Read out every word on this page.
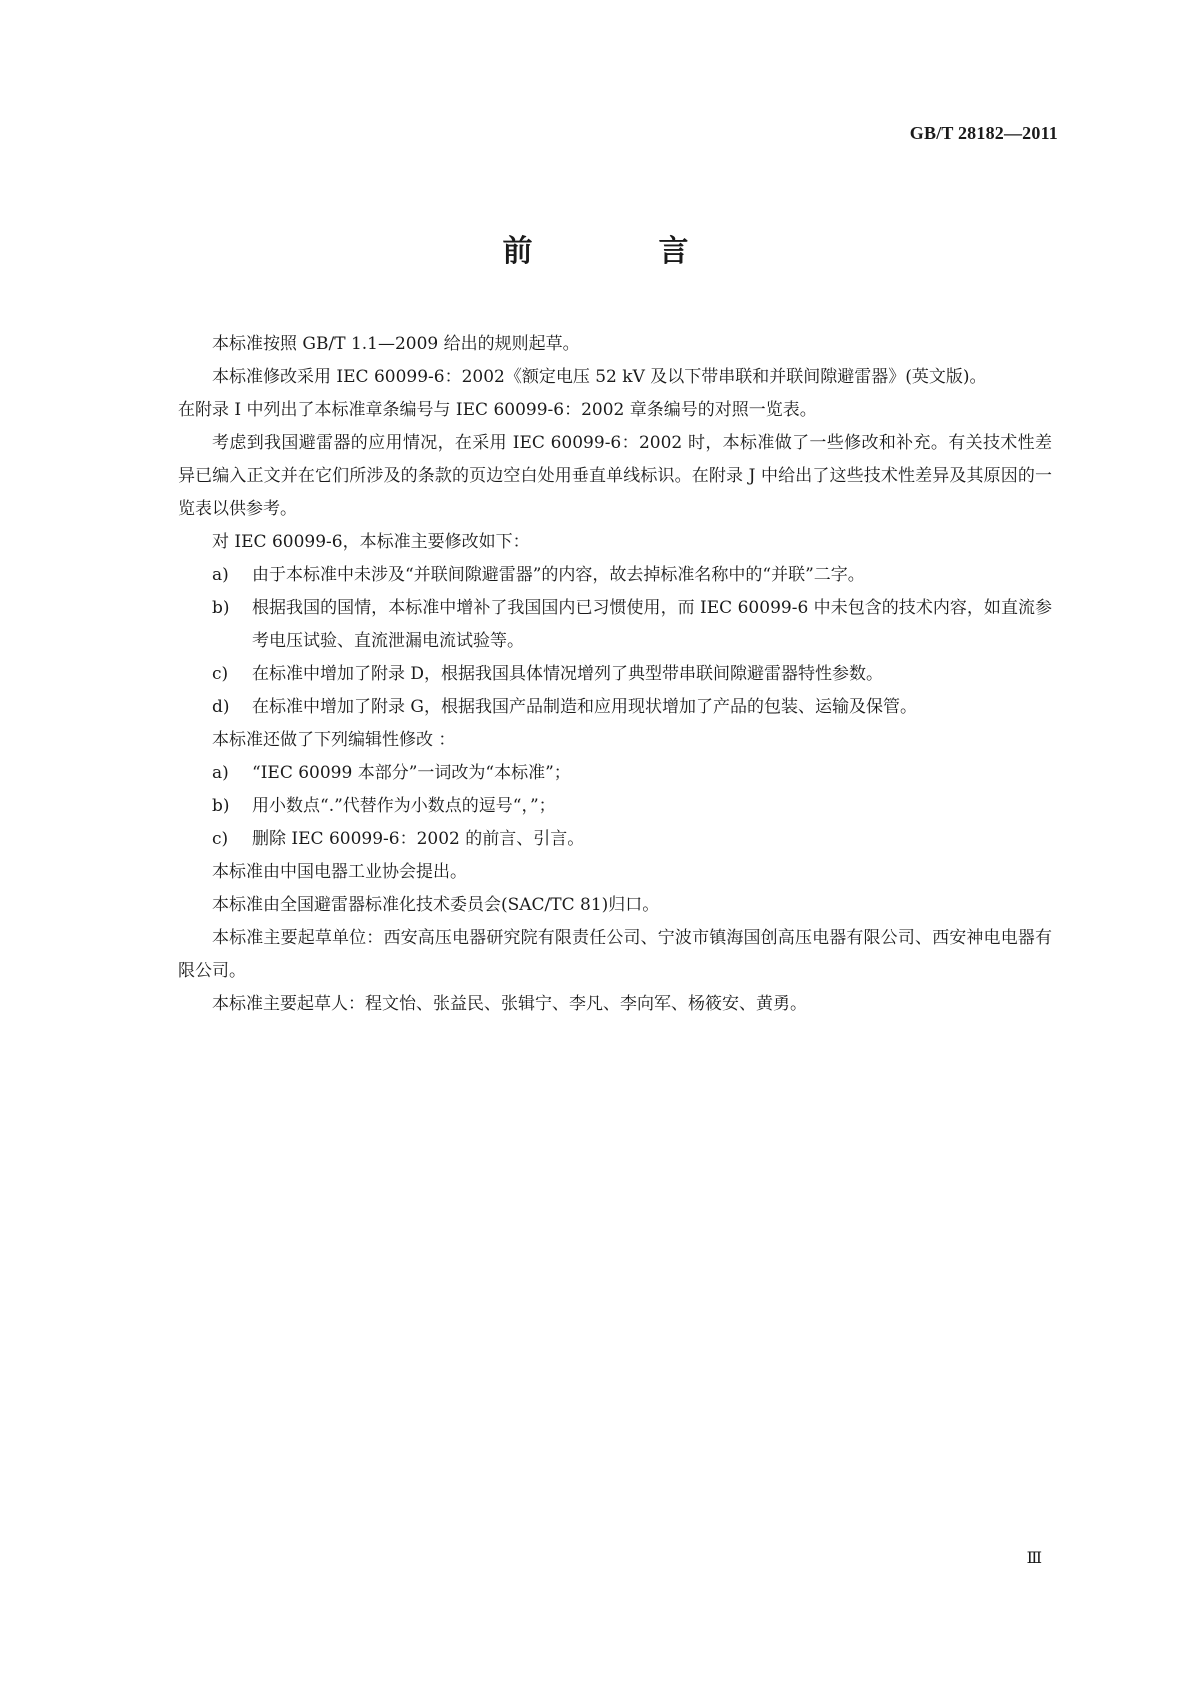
GB/T 28182—2011
前　言

本标准按照 GB/T 1.1—2009 给出的规则起草。

本标准修改采用 IEC 60099-6：2002《额定电压 52 kV 及以下带串联和并联间隙避雷器》(英文版)。

在附录 I 中列出了本标准章条编号与 IEC 60099-6：2002 章条编号的对照一览表。

考虑到我国避雷器的应用情况，在采用 IEC 60099-6：2002 时，本标准做了一些修改和补充。有关技术性差异已编入正文并在它们所涉及的条款的页边空白处用垂直单线标识。在附录 J 中给出了这些技术性差异及其原因的一览表以供参考。

对 IEC 60099-6，本标准主要修改如下：

a)	由于本标准中未涉及“并联间隙避雷器”的内容，故去掉标准名称中的“并联”二字。
b)	根据我国的国情，本标准中增补了我国国内已习惯使用，而 IEC 60099-6 中未包含的技术内容，如直流参考电压试验、直流泄漏电流试验等。
c)	在标准中增加了附录 D，根据我国具体情况增列了典型带串联间隙避雷器特性参数。
d)	在标准中增加了附录 G，根据我国产品制造和应用现状增加了产品的包装、运输及保管。

本标准还做了下列编辑性修改 ：

a)	“IEC 60099 本部分”一词改为“本标准”；
b)	用小数点“.”代替作为小数点的逗号“，”；
c)	删除 IEC 60099-6：2002 的前言、引言。

本标准由中国电器工业协会提出。

本标准由全国避雷器标准化技术委员会(SAC/TC 81)归口。

本标准主要起草单位：西安高压电器研究院有限责任公司、宁波市镇海国创高压电器有限公司、西安神电电器有限公司。

本标准主要起草人：程文怡、张益民、张辑宁、李凡、李向军、杨筱安、黄勇。

Ⅲ
